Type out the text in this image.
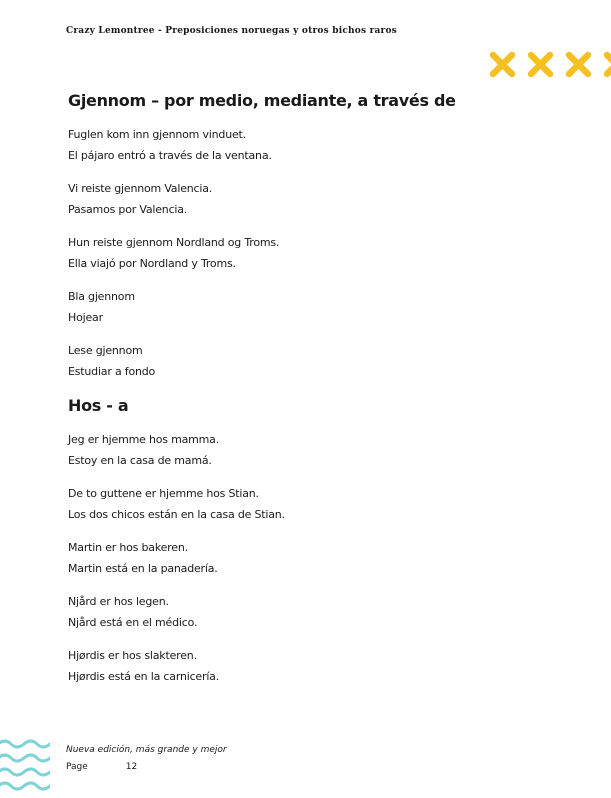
Crazy Lemontree - Preposiciones noruegas y otros bichos raros
Gjennom – por medio, mediante, a través de
Fuglen kom inn gjennom vinduet.
El pájaro entró a través de la ventana.
Vi reiste gjennom Valencia.
Pasamos por Valencia.
Hun reiste gjennom Nordland og Troms.
Ella viajó por Nordland y Troms.
Bla gjennom
Hojear
Lese gjennom
Estudiar a fondo
Hos - a
Jeg er hjemme hos mamma.
Estoy en la casa de mamá.
De to guttene er hjemme hos Stian.
Los dos chicos están en la casa de Stian.
Martin er hos bakeren.
Martin está en la panadería.
Njård er hos legen.
Njård está en el médico.
Hjørdis er hos slakteren.
Hjørdis está en la carnicería.
Nueva edición, más grande y mejor
Page	12
